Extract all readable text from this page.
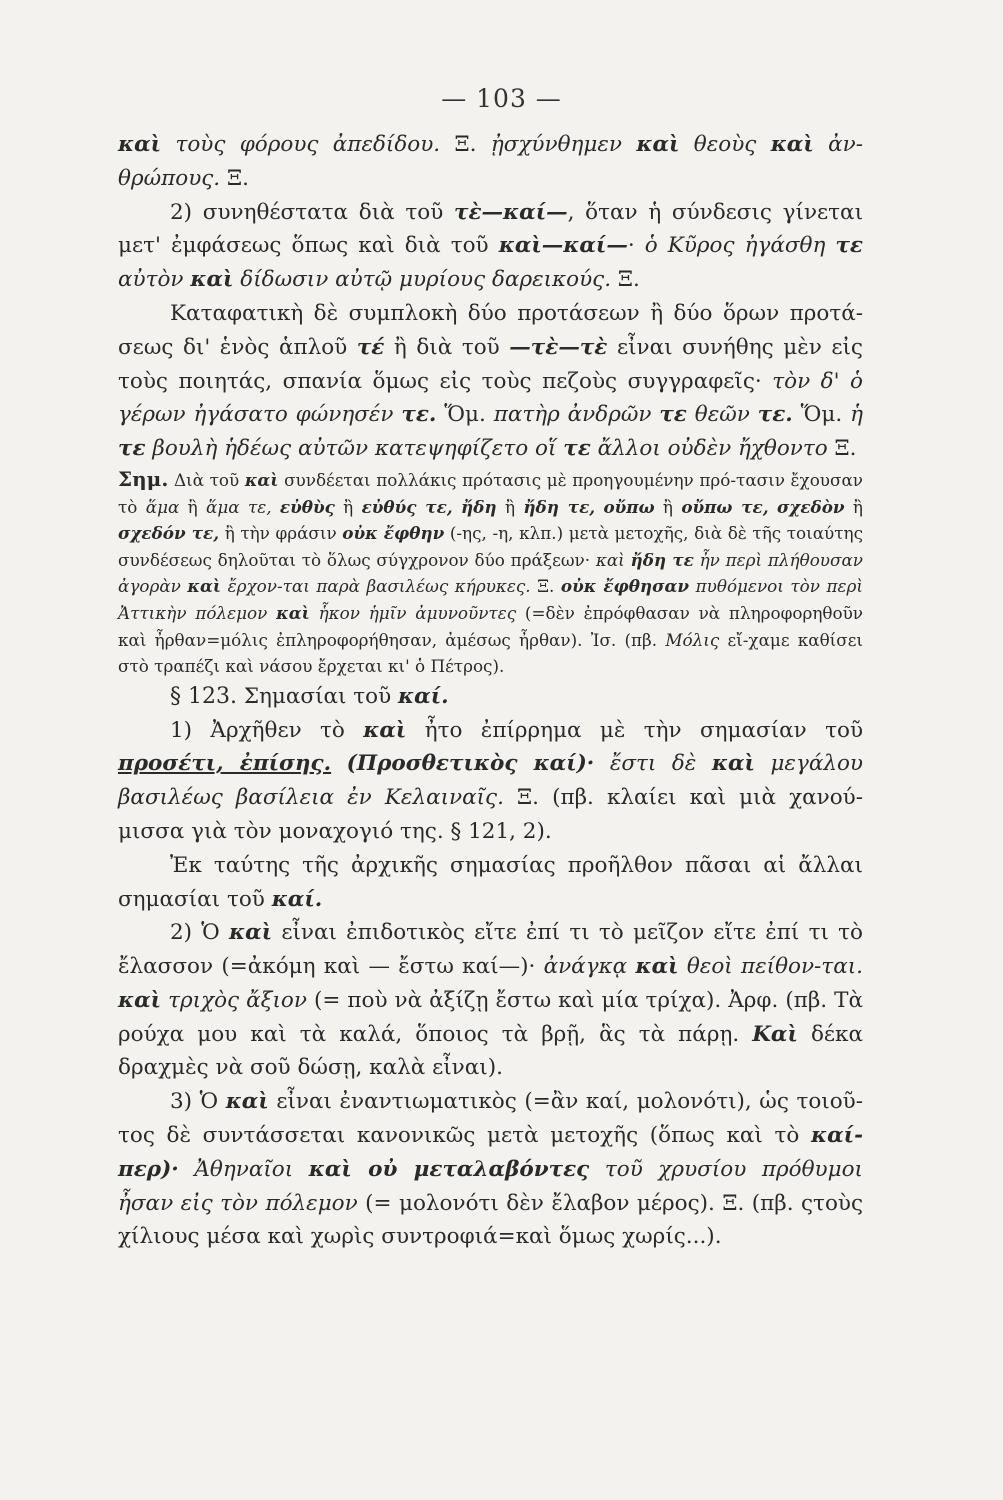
— 103 —

καὶ τοὺς φόρους ἀπεδίδου. Ξ. ᾐσχύνθημεν καὶ θεοὺς καὶ ἀν-θρώπους. Ξ.

2) συνηθέστατα διὰ τοῦ τὲ—καί—, ὅταν ἡ σύνδεσις γίνεται μετ' ἐμφάσεως ὅπως καὶ διὰ τοῦ καὶ—καί—· ὁ Κῦρος ἠγάσθη τε αὐτὸν καὶ δίδωσιν αὐτῷ μυρίους δαρεικούς. Ξ.

Καταφατικὴ δὲ συμπλοκὴ δύο προτάσεων ἢ δύο ὅρων προτά-σεως δι' ἑνὸς ἁπλοῦ τέ ἢ διὰ τοῦ —τὲ—τὲ εἶναι συνήθης μὲν εἰς τοὺς ποιητάς, σπανία ὅμως εἰς τοὺς πεζοὺς συγγραφεῖς· τὸν δ' ὁ γέρων ἠγάσατο φώνησέν τε. Ὅμ. πατὴρ ἀνδρῶν τε θεῶν τε. Ὅμ. ἡ τε βουλὴ ἡδέως αὐτῶν κατεψηφίζετο οἵ τε ἄλλοι οὐδὲν ἤχθοντο Ξ.

Σημ. Διὰ τοῦ καὶ συνδέεται πολλάκις πρότασις μὲ προηγουμένην πρό-τασιν ἔχουσαν τὸ ἅμα ἢ ἅμα τε, εὐθὺς ἢ εὐθύς τε, ἤδη ἢ ἤδη τε, οὔπω ἢ οὔπω τε, σχεδὸν ἢ σχεδόν τε, ἢ τὴν φράσιν οὐκ ἔφθην (-ης, -η, κλπ.) μετὰ μετοχῆς, διὰ δὲ τῆς τοιαύτης συνδέσεως δηλοῦται τὸ ὅλως σύγχρονον δύο πράξεων· καὶ ἤδη τε ἦν περὶ πλήθουσαν ἀγορὰν καὶ ἔρχον-ται παρὰ βασιλέως κήρυκες. Ξ. οὐκ ἔφθησαν πυθόμενοι τὸν περὶ Ἀττικὴν πόλεμον καὶ ἧκον ἡμῖν ἀμυνοῦντες (=δὲν ἐπρόφθασαν νὰ πληροφορηθοῦν καὶ ἦρθαν=μόλις ἐπληροφορήθησαν, ἀμέσως ἦρθαν). Ἰσ. (πβ. Μόλις εἴ-χαμε καθίσει στὸ τραπέζι καὶ νάσου ἔρχεται κι' ὁ Πέτρος).

§ 123. Σημασίαι τοῦ καί.

1) Ἀρχῆθεν τὸ καὶ ἦτο ἐπίρρημα μὲ τὴν σημασίαν τοῦ προσέτι, ἐπίσης. (Προσθετικὸς καί)· ἔστι δὲ καὶ μεγάλου βασιλέως βασίλεια ἐν Κελαιναῖς. Ξ. (πβ. κλαίει καὶ μιὰ χανού-μισσα γιὰ τὸν μοναχογιό της. § 121, 2).

Ἐκ ταύτης τῆς ἀρχικῆς σημασίας προῆλθον πᾶσαι αἱ ἄλλαι σημασίαι τοῦ καί.

2) Ὁ καὶ εἶναι ἐπιδοτικὸς εἴτε ἐπί τι τὸ μεῖζον εἴτε ἐπί τι τὸ ἔλασσον (=ἀκόμη καὶ — ἔστω καί—)· ἀνάγκᾳ καὶ θεοὶ πείθον-ται. καὶ τριχὸς ἄξιον (= ποὺ νὰ ἀξίζῃ ἔστω καὶ μία τρίχα). Ἀρφ. (πβ. Τὰ ρούχα μου καὶ τὰ καλά, ὅποιος τὰ βρῇ, ἃς τὰ πάρῃ. Καὶ δέκα δραχμὲς νὰ σοῦ δώσῃ, καλὰ εἶναι).

3) Ὁ καὶ εἶναι ἐναντιωματικὸς (=ἂν καί, μολονότι), ὡς τοιοῦ-τος δὲ συντάσσεται κανονικῶς μετὰ μετοχῆς (ὅπως καὶ τὸ καί-περ)· Ἀθηναῖοι καὶ οὐ μεταλαβόντες τοῦ χρυσίου πρόθυμοι ἦσαν εἰς τὸν πόλεμον (= μολονότι δὲν ἔλαβον μέρος). Ξ. (πβ. ςτοὺς χίλιους μέσα καὶ χωρὶς συντροφιά=καὶ ὅμως χωρίς...).
